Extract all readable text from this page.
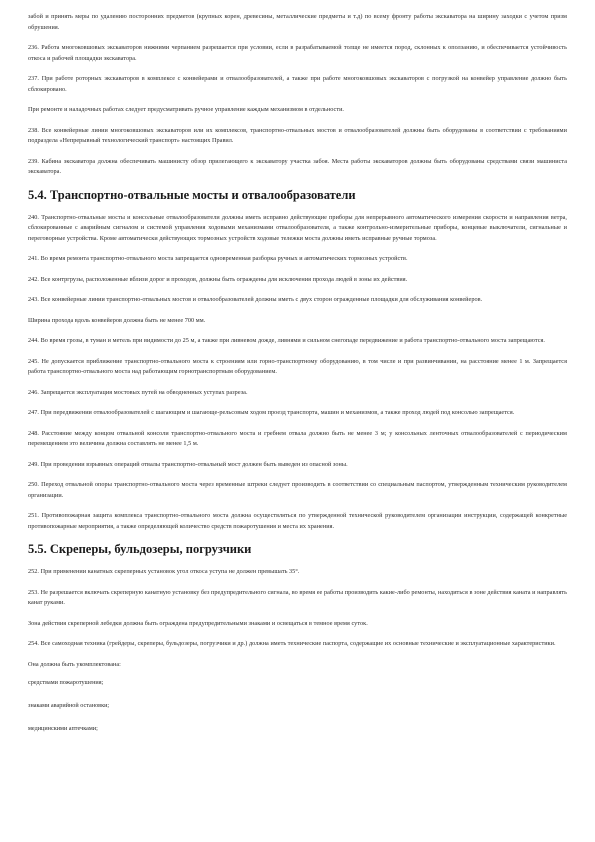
забой и принять меры по удалению посторонних предметов (крупных корен, древесины, металлические предметы и т.д) по всему фронту работы экскаватора на ширину заходки с учетом призм обрушения.

236. Работа многоковшовых экскаваторов нижними черпанием разрешается при условии, если в разрабатываемой толще не имеется пород, склонных к оползанию, и обеспечивается устойчивость откоса и рабочей площадки экскаватора.

237. При работе роторных экскаваторов в комплексе с конвейерами и отвалообразователей, а также при работе многоковшовых экскаваторов с погрузкой на конвейер управление должно быть сблокировано.

При ремонте и наладочных работах следует предусматривать ручное управление каждым механизмом в отдельности.

238. Все конвейерные линии многоковшовых экскаваторов или их комплексов, транспортно-отвальных мостов и отвалообразователей должны быть оборудованы в соответствии с требованиями подраздела «Непрерывный технологический транспорт» настоящих Правил.

239. Кабина экскаватора должна обеспечивать машинисту обзор прилегающего к экскаватору участка забоя. Места работы экскаваторов должны быть оборудованы средствами связи машиниста экскаватора.

5.4. Транспортно-отвальные мосты и отвалообразователи

240. Транспортно-отвальные мосты и консольные отвалообразователи должны иметь исправно действующие приборы для непрерывного автоматического измерения скорости и направления ветра, сблокированные с аварийным сигналом и системой управления ходовыми механизмами отвалообразователя, а также контрольно-измерительные приборы, концевые выключатели, сигнальные и переговорные устройства. Кроме автоматически действующих тормозных устройств ходовые тележки моста должны иметь исправные ручные тормоза.

241. Во время ремонта транспортно-отвального моста запрещается одновременная разборка ручных и автоматических тормозных устройств.

242. Все контргрузы, расположенные вблизи дорог и проходов, должны быть ограждены для исключения прохода людей в зоны их действия.

243. Все конвейерные линии транспортно-отвальных мостов и отвалообразователей должны иметь с двух сторон огражденные площадки для обслуживания конвейеров.

Ширина прохода вдоль конвейеров должна быть не менее 700 мм.

244. Во время грозы, в туман и метель при видимости до 25 м, а также при ливневом дожде, ливнями и сильном снегопаде передвижение и работа транспортно-отвального моста запрещаются.

245. Не допускается приближение транспортно-отвального моста к строениям или горно-транспортному оборудованию, в том числе и при развинчивании, на расстояние менее 1 м. Запрещается работа транспортно-отвального моста над работающим горнотранспортным оборудованием.

246. Запрещается эксплуатация мостовых путей на обводненных уступах разреза.

247. При передвижении отвалообразователей с шагающим и шагающе-рельсовым ходом проезд транспорта, машин и механизмов, а также проход людей под консолью запрещается.

248. Расстояние между концом отвальной консоли транспортно-отвального моста и гребнем отвала должно быть не менее 3 м; у консольных ленточных отвалообразователей с периодическим перемещением это величина должна составлять не менее 1,5 м.

249. При проведении взрывных операций отвалы транспортно-отвальный мост должен быть выведен из опасной зоны.

250. Переход отвальной опоры транспортно-отвального моста через временные штреки следует производить в соответствии со специальным паспортом, утвержденным техническим руководителем организации.

251. Противопожарная защита комплекса транспортно-отвального моста должна осуществляться по утвержденной технической руководителем организации инструкции, содержащей конкретные противопожарные мероприятия, а также определяющей количество средств пожаротушения и места их хранения.

5.5. Скреперы, бульдозеры, погрузчики

252. При применении канатных скреперных установок угол откоса уступа не должен превышать 35°.

253. Не разрешается включать скреперную канатную установку без предупредительного сигнала, во время ее работы производить какие-либо ремонты, находиться в зоне действия каната и направлять канат руками.

Зона действия скреперной лебедки должна быть ограждена предупредительными знаками и освещаться в темное время суток.

254. Все самоходная техника (грейдеры, скреперы, бульдозеры, погрузчики и др.) должна иметь технические паспорта, содержащие их основные технические и эксплуатационные характеристики.

Она должна быть укомплектована:

средствами пожаротушения;

знаками аварийной остановки;

медицинскими аптечками;
